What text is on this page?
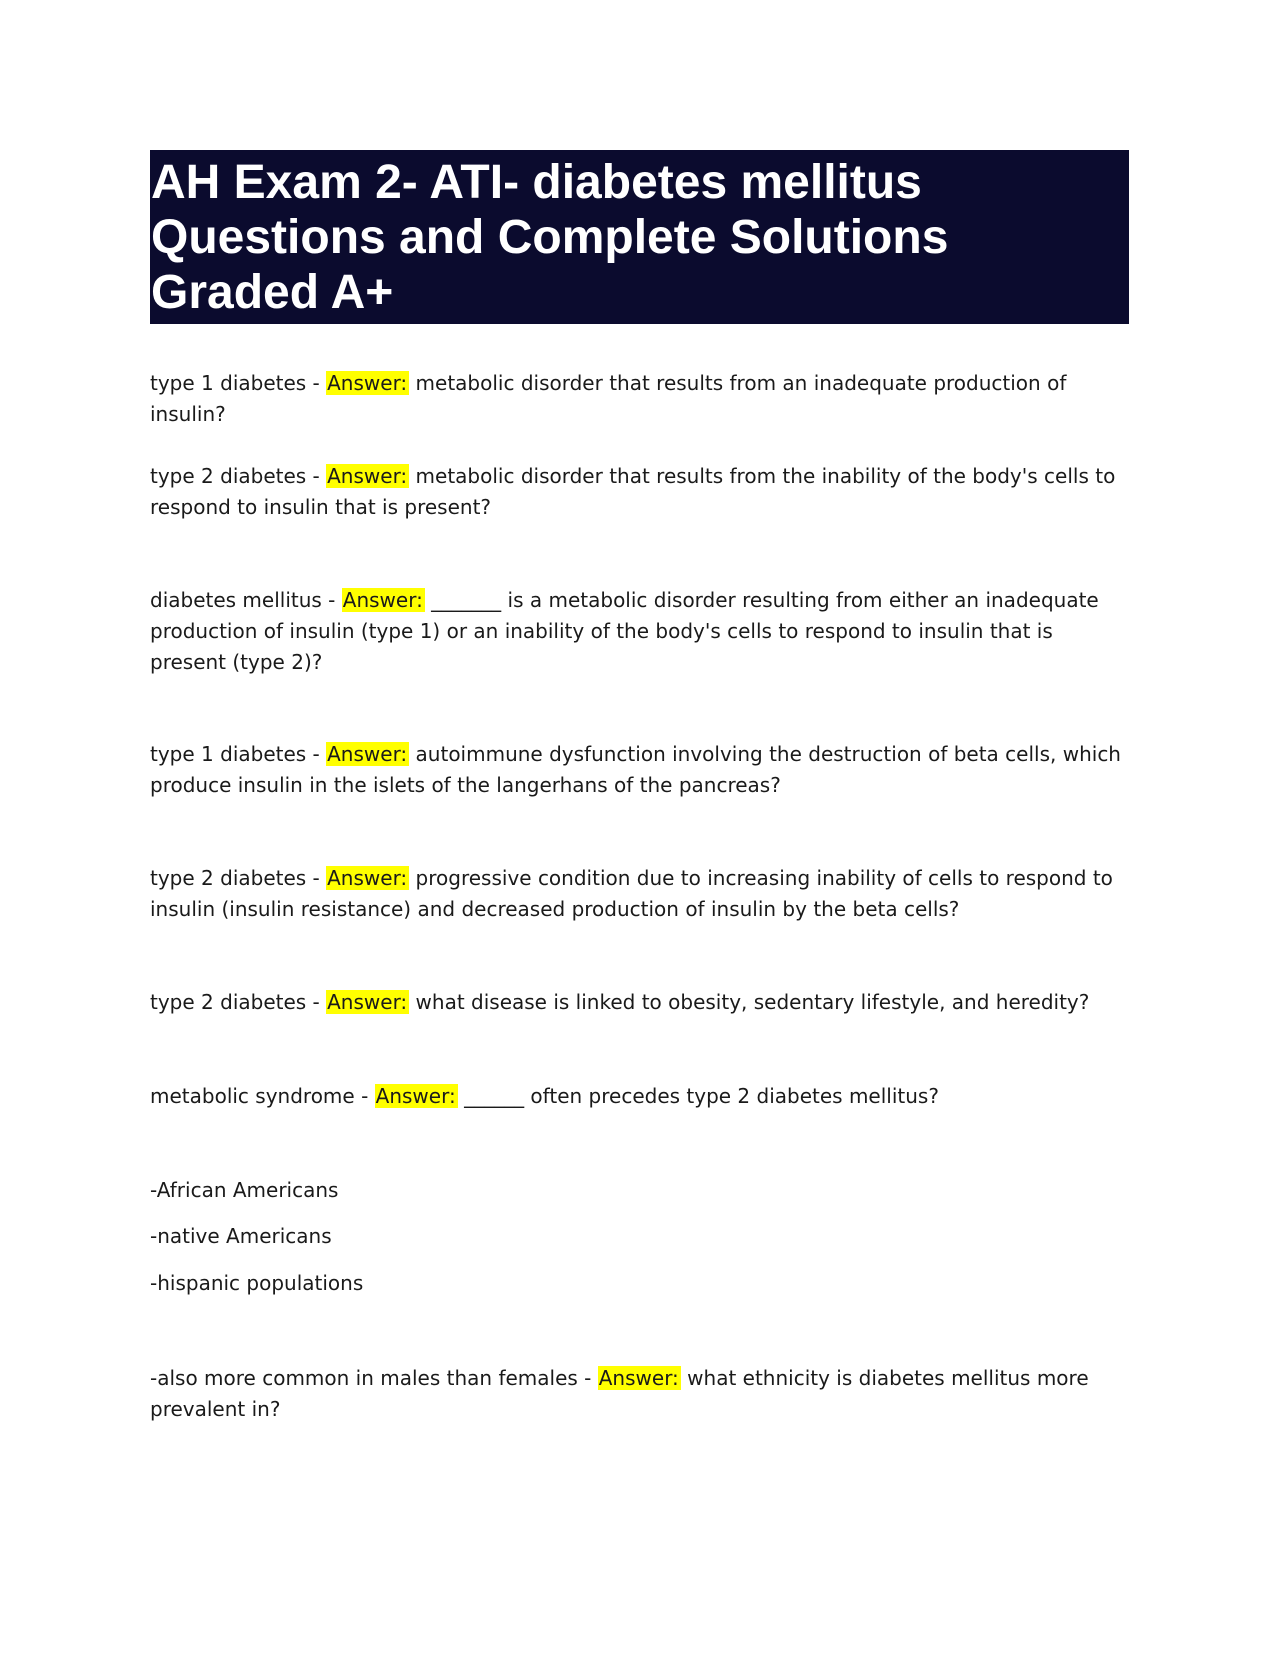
AH Exam 2- ATI- diabetes mellitus Questions and Complete Solutions Graded A+

type 1 diabetes - Answer: metabolic disorder that results from an inadequate production of insulin?

type 2 diabetes - Answer: metabolic disorder that results from the inability of the body's cells to respond to insulin that is present?

diabetes mellitus - Answer: _______ is a metabolic disorder resulting from either an inadequate production of insulin (type 1) or an inability of the body's cells to respond to insulin that is present (type 2)?

type 1 diabetes - Answer: autoimmune dysfunction involving the destruction of beta cells, which produce insulin in the islets of the langerhans of the pancreas?

type 2 diabetes - Answer: progressive condition due to increasing inability of cells to respond to insulin (insulin resistance) and decreased production of insulin by the beta cells?

type 2 diabetes - Answer: what disease is linked to obesity, sedentary lifestyle, and heredity?

metabolic syndrome - Answer: ______ often precedes type 2 diabetes mellitus?

-African Americans

-native Americans

-hispanic populations

-also more common in males than females - Answer: what ethnicity is diabetes mellitus more prevalent in?
